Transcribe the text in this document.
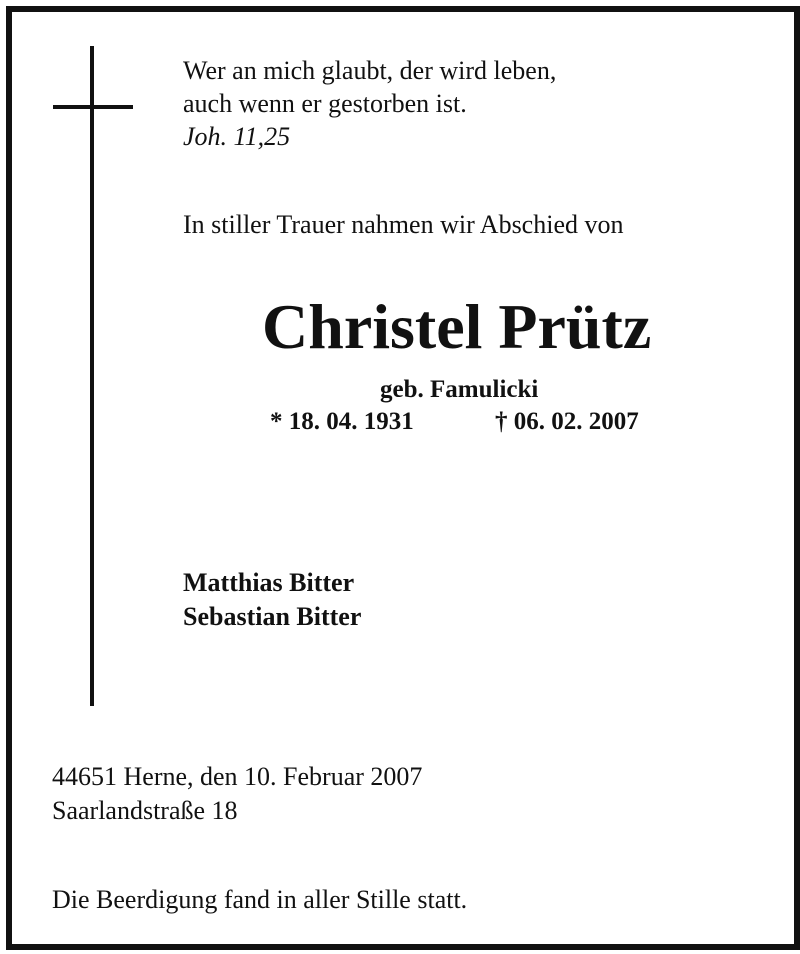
Wer an mich glaubt, der wird leben,
auch wenn er gestorben ist.
Joh. 11,25
In stiller Trauer nahmen wir Abschied von
Christel Prütz
geb. Famulicki
* 18. 04. 1931	† 06. 02. 2007
Matthias Bitter
Sebastian Bitter
44651 Herne, den 10. Februar 2007
Saarlandstraße 18
Die Beerdigung fand in aller Stille statt.
